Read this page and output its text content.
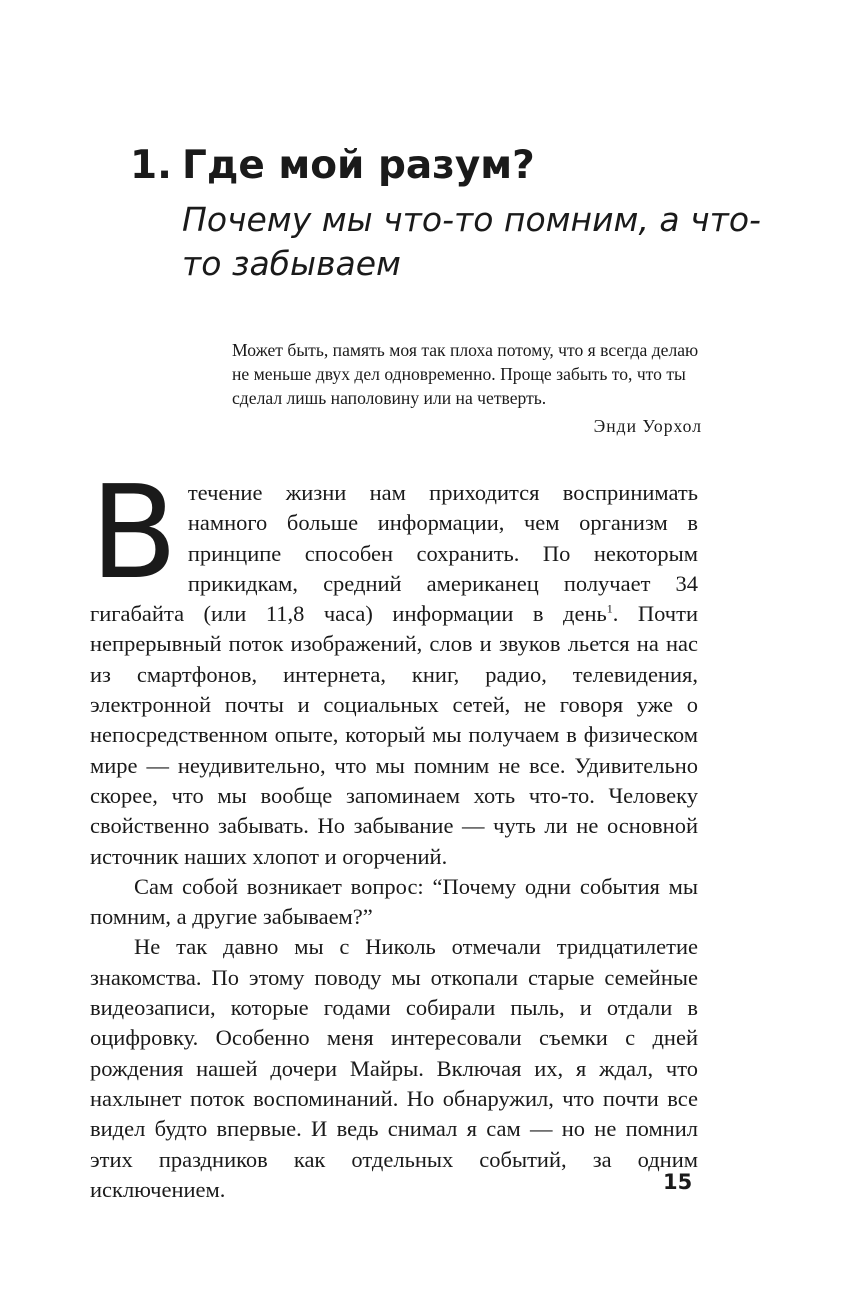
1. Где мой разум?
Почему мы что-то помним, а что-то забываем

Может быть, память моя так плоха потому, что я всегда делаю не меньше двух дел одновременно. Проще забыть то, что ты сделал лишь наполовину или на четверть.

Энди Уорхол

Втечение жизни нам приходится воспринимать намного больше информации, чем организм в принципе способен сохранить. По некоторым прикидкам, средний американец получает 34 гигабайта (или 11,8 часа) информации в день$^1$. Почти непрерывный поток изображений, слов и звуков льется на нас из смартфонов, интернета, книг, радио, телевидения, электронной почты и социальных сетей, не говоря уже о непосредственном опыте, который мы получаем в физическом мире — неудивительно, что мы помним не все. Удивительно скорее, что мы вообще запоминаем хоть что-то. Человеку свойственно забывать. Но забывание — чуть ли не основной источник наших хлопот и огорчений.

Сам собой возникает вопрос: “Почему одни события мы помним, а другие забываем?”

Не так давно мы с Николь отмечали тридцатилетие знакомства. По этому поводу мы откопали старые семейные видеозаписи, которые годами собирали пыль, и отдали в оцифровку. Особенно меня интересовали съемки с дней рождения нашей дочери Майры. Включая их, я ждал, что нахлынет поток воспоминаний. Но обнаружил, что почти все видел будто впервые. И ведь снимал я сам — но не помнил этих праздников как отдельных событий, за одним исключением.	15
